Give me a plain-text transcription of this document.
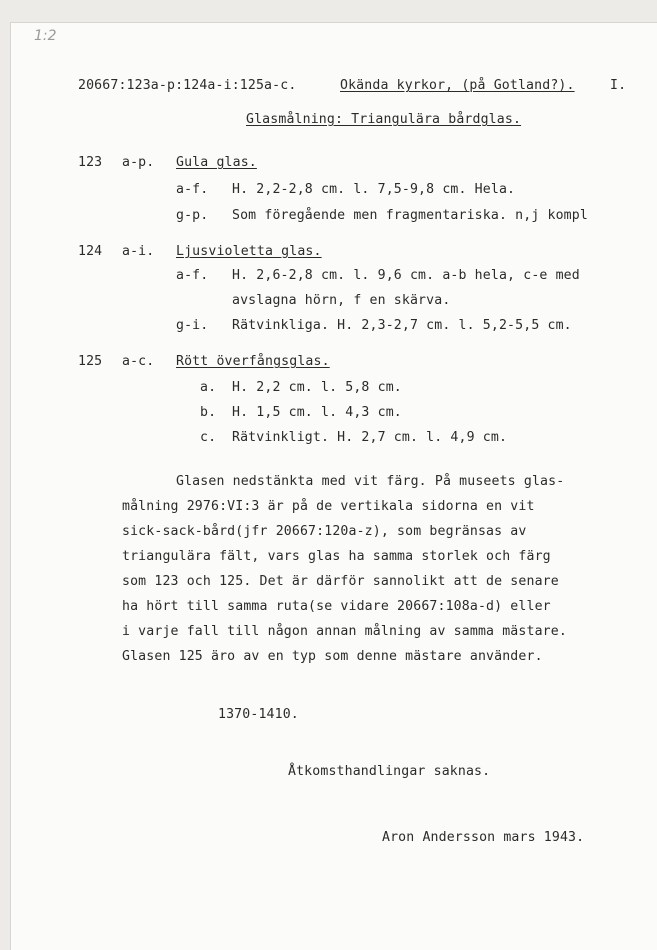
1:2
20667:123a-p:124a-i:125a-c.	Okända kyrkor, (på Gotland?).	I.
Glasmålning: Triangulära bårdglas.
123 a-p. Gula glas.
a-f. H. 2,2-2,8 cm. l. 7,5-9,8 cm. Hela.
g-p. Som föregående men fragmentariska. n,j kompl
124 a-i. Ljusvioletta glas.
a-f. H. 2,6-2,8 cm. l. 9,6 cm. a-b hela, c-e med
avslagna hörn, f en skärva.
g-i. Rätvinkliga. H. 2,3-2,7 cm. l. 5,2-5,5 cm.
125 a-c. Rött överfångsglas.
a. H. 2,2 cm. l. 5,8 cm.
b. H. 1,5 cm. l. 4,3 cm.
c. Rätvinkligt. H. 2,7 cm. l. 4,9 cm.
Glasen nedstänkta med vit färg. På museets glas-
målning 2976:VI:3 är på de vertikala sidorna en vit
sick-sack-bård(jfr 20667:120a-z), som begränsas av
triangulära fält, vars glas ha samma storlek och färg
som 123 och 125. Det är därför sannolikt att de senare
ha hört till samma ruta(se vidare 20667:108a-d) eller
i varje fall till någon annan målning av samma mästare.
Glasen 125 äro av en typ som denne mästare använder.
1370-1410.
Åtkomsthandlingar saknas.
Aron Andersson mars 1943.
